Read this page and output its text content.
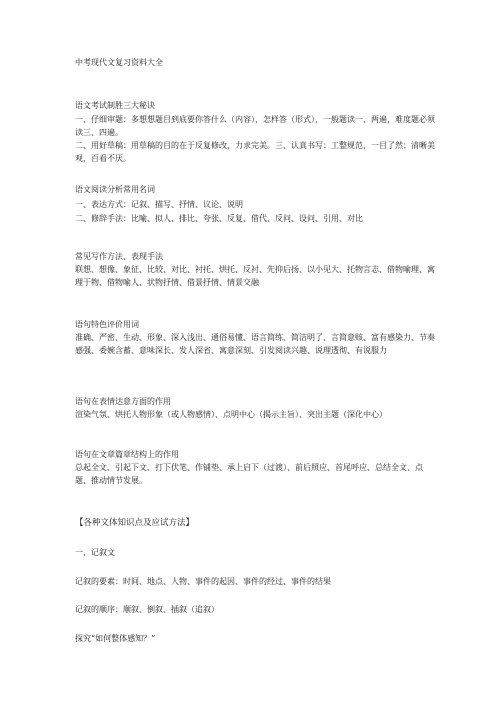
中考现代文复习资料大全
语文考试制胜三大秘诀
一、仔细审题：多想想题目到底要你答什么（内容），怎样答（形式），一般题读一、两遍，难度题必须读三、四遍。
二、用好草稿：用草稿的目的在于反复修改，力求完美。三、认真书写：工整规范，一目了然；清晰美观，百看不厌。
语文阅读分析常用名词
一、表达方式：记叙、描写、抒情、议论、说明
二、修辞手法：比喻、拟人、排比、夸张、反复、借代、反问、设问、引用、对比
常见写作方法、表现手法
联想、想像、象征、比较、对比、衬托、烘托、反衬、先抑后扬、以小见大、托物言志、借物喻理、寓理于物、借物喻人、状物抒情、借景抒情、情景交融
语句特色评价用词
准确、严密、生动、形象、深入浅出、通俗易懂、语言简练、简洁明了、言简意赅、富有感染力、节奏感强、委婉含蓄、意味深长、发人深省、寓意深刻、引发阅读兴趣、说理透彻、有说服力
语句在表情达意方面的作用
渲染气氛、烘托人物形象（或人物感情）、点明中心（揭示主旨）、突出主题（深化中心）
语句在文章篇章结构上的作用
总起全文、引起下文、打下伏笔、作铺垫、承上启下（过渡）、前后照应、首尾呼应、总结全文、点题、推动情节发展。
【各种文体知识点及应试方法】
一、记叙文
记叙的要素：时间、地点、人物、事件的起因、事件的经过、事件的结果
记叙的顺序：顺叙、倒叙、插叙（追叙）
探究“如何整体感知？”
